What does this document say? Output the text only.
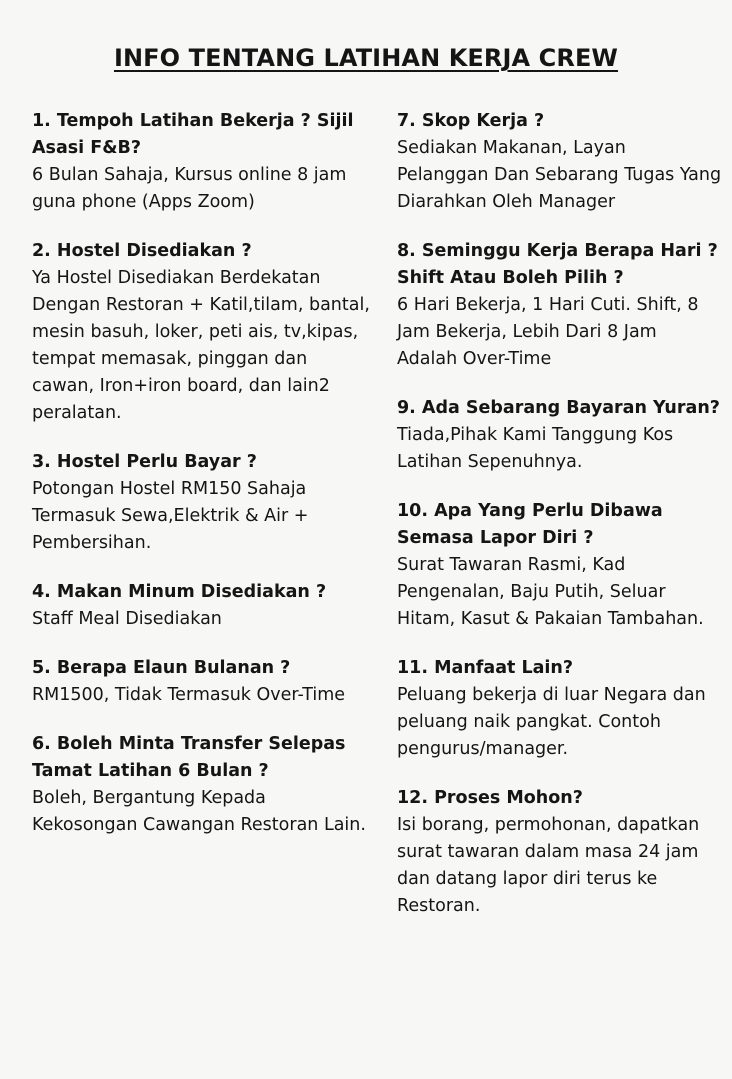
INFO TENTANG LATIHAN KERJA CREW
1. Tempoh Latihan Bekerja ? Sijil Asasi F&B?
6 Bulan Sahaja, Kursus online 8 jam guna phone (Apps Zoom)
2. Hostel Disediakan ?
Ya Hostel Disediakan Berdekatan Dengan Restoran + Katil,tilam, bantal, mesin basuh, loker, peti ais, tv,kipas, tempat memasak, pinggan dan cawan, Iron+iron board, dan lain2 peralatan.
3. Hostel Perlu Bayar ?
Potongan Hostel RM150 Sahaja Termasuk Sewa,Elektrik & Air + Pembersihan.
4. Makan Minum Disediakan ?
Staff Meal Disediakan
5. Berapa Elaun Bulanan ?
RM1500, Tidak Termasuk Over-Time
6. Boleh Minta Transfer Selepas Tamat Latihan 6 Bulan ?
Boleh, Bergantung Kepada Kekosongan Cawangan Restoran Lain.
7. Skop Kerja ?
Sediakan Makanan, Layan Pelanggan Dan Sebarang Tugas Yang Diarahkan Oleh Manager
8. Seminggu Kerja Berapa Hari ? Shift Atau Boleh Pilih ?
6 Hari Bekerja, 1 Hari Cuti. Shift, 8 Jam Bekerja, Lebih Dari 8 Jam Adalah Over-Time
9. Ada Sebarang Bayaran Yuran?
Tiada,Pihak Kami Tanggung Kos Latihan Sepenuhnya.
10. Apa Yang Perlu Dibawa Semasa Lapor Diri ?
Surat Tawaran Rasmi, Kad Pengenalan, Baju Putih, Seluar Hitam, Kasut & Pakaian Tambahan.
11. Manfaat Lain?
Peluang bekerja di luar Negara dan peluang naik pangkat. Contoh pengurus/manager.
12. Proses Mohon?
Isi borang, permohonan, dapatkan surat tawaran dalam masa 24 jam dan datang lapor diri terus ke Restoran.
